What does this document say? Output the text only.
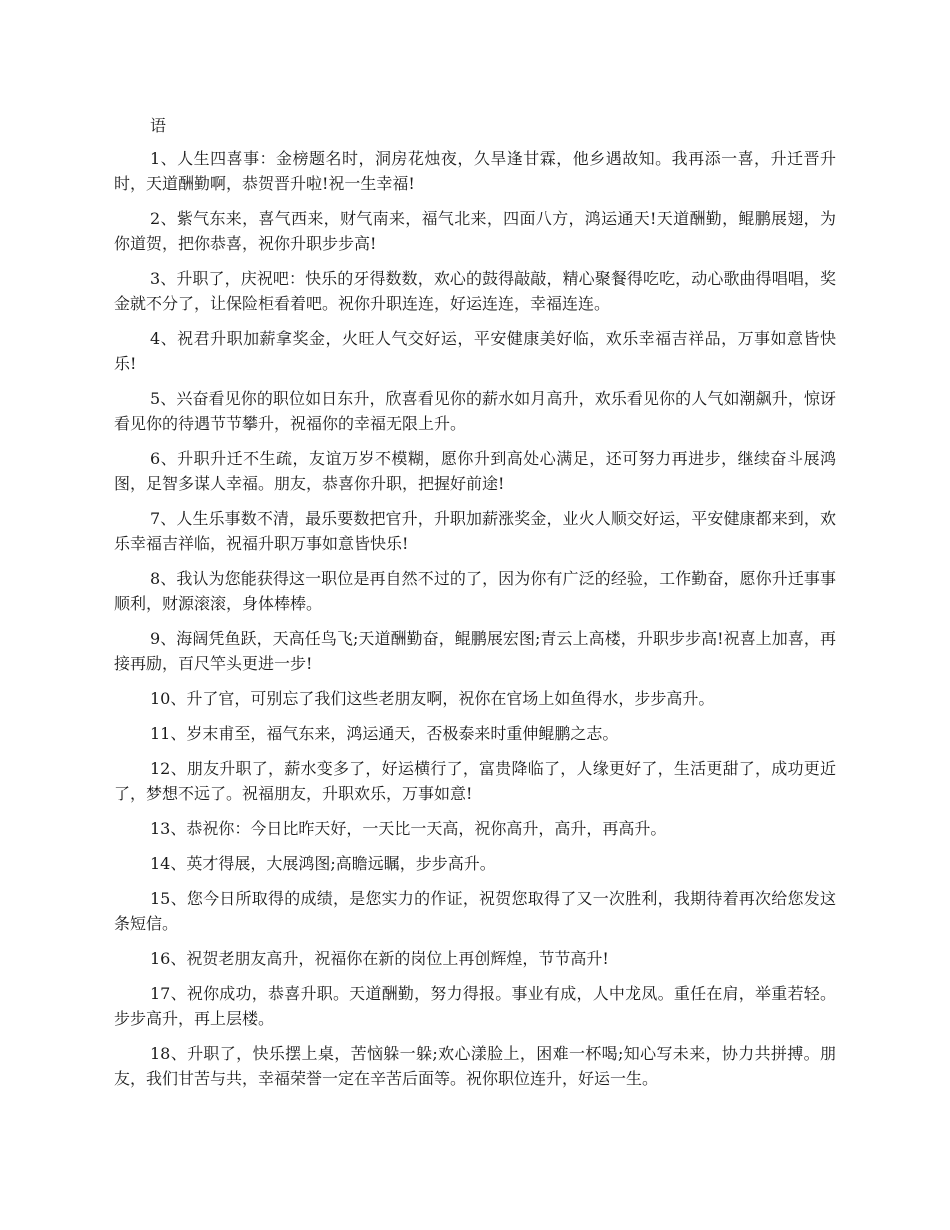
语

1、人生四喜事：金榜题名时，洞房花烛夜，久旱逢甘霖，他乡遇故知。我再添一喜，升迁晋升时，天道酬勤啊，恭贺晋升啦!祝一生幸福!

2、紫气东来，喜气西来，财气南来，福气北来，四面八方，鸿运通天!天道酬勤，鲲鹏展翅，为你道贺，把你恭喜，祝你升职步步高!

3、升职了，庆祝吧：快乐的牙得数数，欢心的鼓得敲敲，精心聚餐得吃吃，动心歌曲得唱唱，奖金就不分了，让保险柜看着吧。祝你升职连连，好运连连，幸福连连。

4、祝君升职加薪拿奖金，火旺人气交好运，平安健康美好临，欢乐幸福吉祥品，万事如意皆快乐!

5、兴奋看见你的职位如日东升，欣喜看见你的薪水如月高升，欢乐看见你的人气如潮飙升，惊讶看见你的待遇节节攀升，祝福你的幸福无限上升。

6、升职升迁不生疏，友谊万岁不模糊，愿你升到高处心满足，还可努力再进步，继续奋斗展鸿图，足智多谋人幸福。朋友，恭喜你升职，把握好前途!

7、人生乐事数不清，最乐要数把官升，升职加薪涨奖金，业火人顺交好运，平安健康都来到，欢乐幸福吉祥临，祝福升职万事如意皆快乐!

8、我认为您能获得这一职位是再自然不过的了，因为你有广泛的经验，工作勤奋，愿你升迁事事顺利，财源滚滚，身体棒棒。

9、海阔凭鱼跃，天高任鸟飞;天道酬勤奋，鲲鹏展宏图;青云上高楼，升职步步高!祝喜上加喜，再接再励，百尺竿头更进一步!

10、升了官，可别忘了我们这些老朋友啊，祝你在官场上如鱼得水，步步高升。

11、岁末甫至，福气东来，鸿运通天，否极泰来时重伸鲲鹏之志。

12、朋友升职了，薪水变多了，好运横行了，富贵降临了，人缘更好了，生活更甜了，成功更近了，梦想不远了。祝福朋友，升职欢乐，万事如意!

13、恭祝你：今日比昨天好，一天比一天高，祝你高升，高升，再高升。

14、英才得展，大展鸿图;高瞻远瞩，步步高升。

15、您今日所取得的成绩，是您实力的作证，祝贺您取得了又一次胜利，我期待着再次给您发这条短信。

16、祝贺老朋友高升，祝福你在新的岗位上再创辉煌，节节高升!

17、祝你成功，恭喜升职。天道酬勤，努力得报。事业有成，人中龙凤。重任在肩，举重若轻。步步高升，再上层楼。

18、升职了，快乐摆上桌，苦恼躲一躲;欢心漾脸上，困难一杯喝;知心写未来，协力共拼搏。朋友，我们甘苦与共，幸福荣誉一定在辛苦后面等。祝你职位连升，好运一生。
